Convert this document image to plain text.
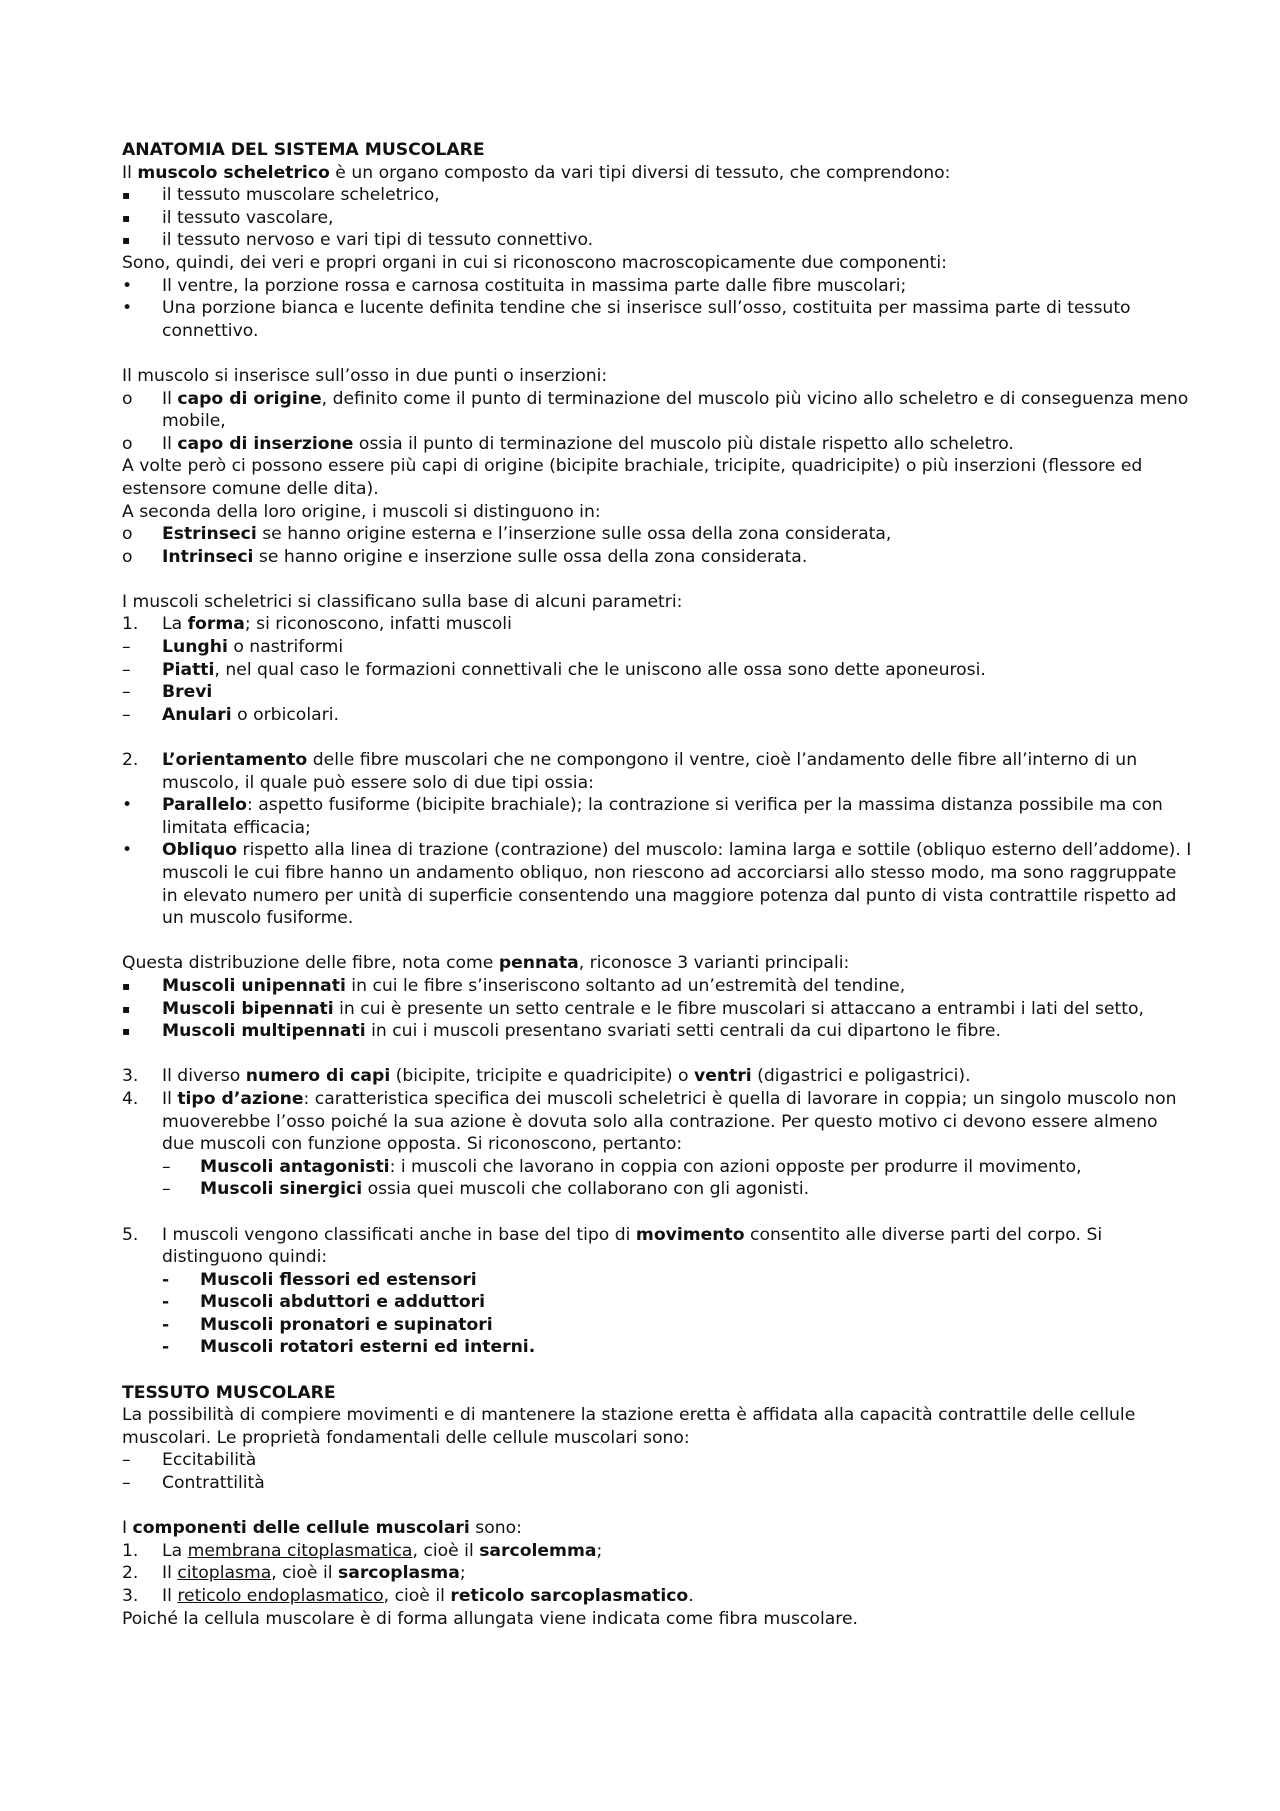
ANATOMIA DEL SISTEMA MUSCOLARE

Il muscolo scheletrico è un organo composto da vari tipi diversi di tessuto, che comprendono:

▪	il tessuto muscolare scheletrico,
▪	il tessuto vascolare,
▪	il tessuto nervoso e vari tipi di tessuto connettivo.

Sono, quindi, dei veri e propri organi in cui si riconoscono macroscopicamente due componenti:

•	Il ventre, la porzione rossa e carnosa costituita in massima parte dalle fibre muscolari;
•	Una porzione bianca e lucente definita tendine che si inserisce sull’osso, costituita per massima parte di tessuto connettivo.

Il muscolo si inserisce sull’osso in due punti o inserzioni:

o	Il capo di origine, definito come il punto di terminazione del muscolo più vicino allo scheletro e di conseguenza meno mobile,
o	Il capo di inserzione ossia il punto di terminazione del muscolo più distale rispetto allo scheletro.

A volte però ci possono essere più capi di origine (bicipite brachiale, tricipite, quadricipite) o più inserzioni (flessore ed estensore comune delle dita).

A seconda della loro origine, i muscoli si distinguono in:

o	Estrinseci se hanno origine esterna e l’inserzione sulle ossa della zona considerata,
o	Intrinseci se hanno origine e inserzione sulle ossa della zona considerata.

I muscoli scheletrici si classificano sulla base di alcuni parametri:

1.	La forma; si riconoscono, infatti muscoli
–	Lunghi o nastriformi
–	Piatti, nel qual caso le formazioni connettivali che le uniscono alle ossa sono dette aponeurosi.
–	Brevi
–	Anulari o orbicolari.
2.	L’orientamento delle fibre muscolari che ne compongono il ventre, cioè l’andamento delle fibre all’interno di un muscolo, il quale può essere solo di due tipi ossia:
•	Parallelo: aspetto fusiforme (bicipite brachiale); la contrazione si verifica per la massima distanza possibile ma con limitata efficacia;
•	Obliquo rispetto alla linea di trazione (contrazione) del muscolo: lamina larga e sottile (obliquo esterno dell’addome). I muscoli le cui fibre hanno un andamento obliquo, non riescono ad accorciarsi allo stesso modo, ma sono raggruppate in elevato numero per unità di superficie consentendo una maggiore potenza dal punto di vista contrattile rispetto ad un muscolo fusiforme.

Questa distribuzione delle fibre, nota come pennata, riconosce 3 varianti principali:

▪	Muscoli unipennati in cui le fibre s’inseriscono soltanto ad un’estremità del tendine,
▪	Muscoli bipennati in cui è presente un setto centrale e le fibre muscolari si attaccano a entrambi i lati del setto,
▪	Muscoli multipennati in cui i muscoli presentano svariati setti centrali da cui dipartono le fibre.
3.	Il diverso numero di capi (bicipite, tricipite e quadricipite) o ventri (digastrici e poligastrici).
4.	Il tipo d’azione: caratteristica specifica dei muscoli scheletrici è quella di lavorare in coppia; un singolo muscolo non muoverebbe l’osso poiché la sua azione è dovuta solo alla contrazione. Per questo motivo ci devono essere almeno due muscoli con funzione opposta. Si riconoscono, pertanto:
–	Muscoli antagonisti: i muscoli che lavorano in coppia con azioni opposte per produrre il movimento,
–	Muscoli sinergici ossia quei muscoli che collaborano con gli agonisti.
5.	I muscoli vengono classificati anche in base del tipo di movimento consentito alle diverse parti del corpo. Si distinguono quindi:
-	Muscoli flessori ed estensori
-	Muscoli abduttori e adduttori
-	Muscoli pronatori e supinatori
-	Muscoli rotatori esterni ed interni.

TESSUTO MUSCOLARE

La possibilità di compiere movimenti e di mantenere la stazione eretta è affidata alla capacità contrattile delle cellule muscolari. Le proprietà fondamentali delle cellule muscolari sono:

–	Eccitabilità
–	Contrattilità

I componenti delle cellule muscolari sono:

1.	La membrana citoplasmatica, cioè il sarcolemma;
2.	Il citoplasma, cioè il sarcoplasma;
3.	Il reticolo endoplasmatico, cioè il reticolo sarcoplasmatico.

Poiché la cellula muscolare è di forma allungata viene indicata come fibra muscolare.
